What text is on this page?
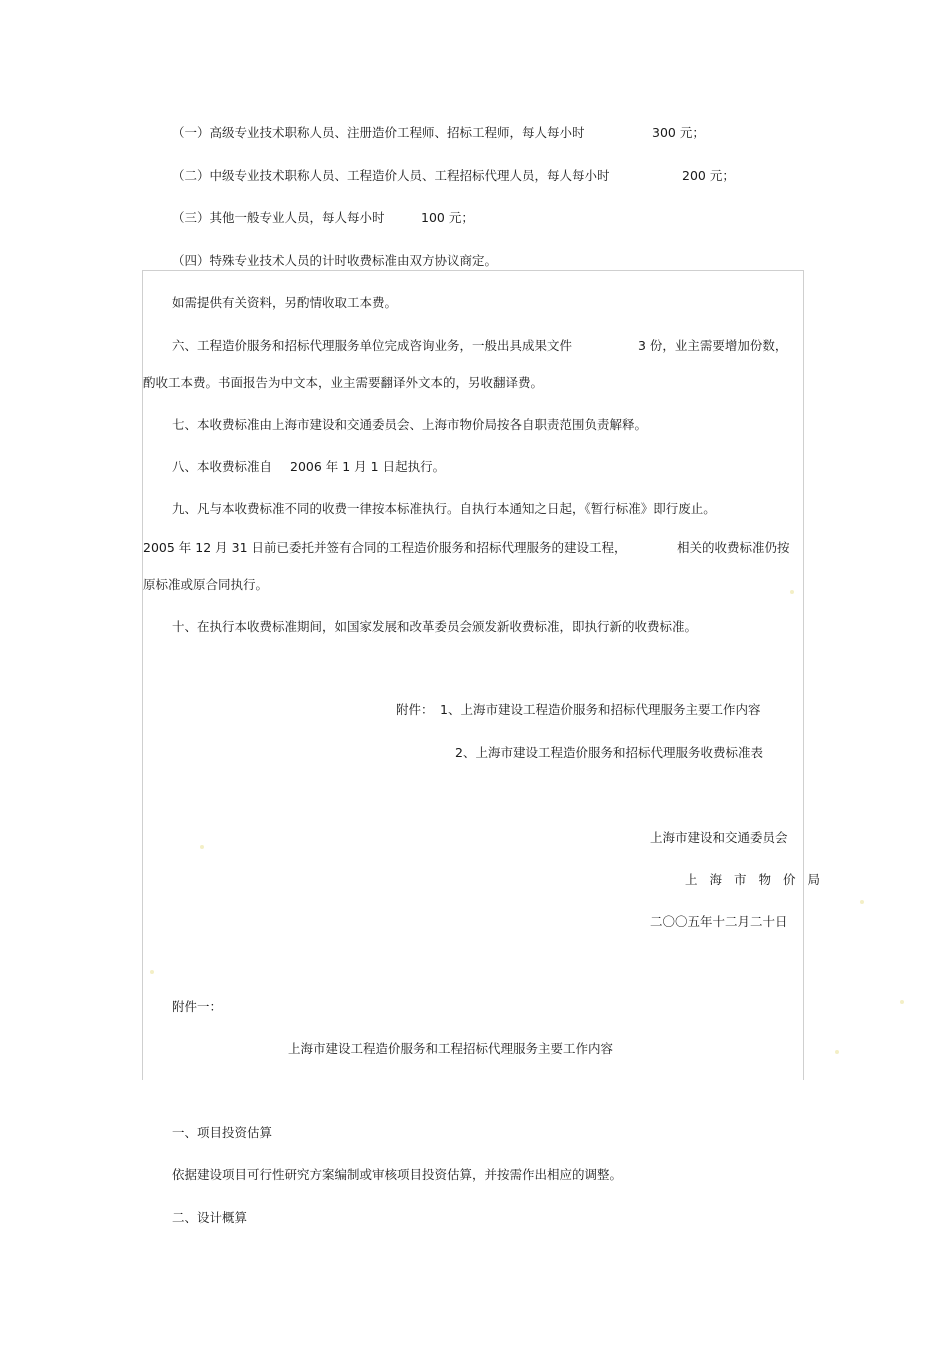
（一）高级专业技术职称人员、注册造价工程师、招标工程师，每人每小时	300 元；
（二）中级专业技术职称人员、工程造价人员、工程招标代理人员，每人每小时	200 元；
（三）其他一般专业人员，每人每小时	100 元；
（四）特殊专业技术人员的计时收费标准由双方协议商定。
如需提供有关资料，另酌情收取工本费。
六、工程造价服务和招标代理服务单位完成咨询业务，一般出具成果文件	3 份，业主需要增加份数，
酌收工本费。书面报告为中文本，业主需要翻译外文本的，另收翻译费。
七、本收费标准由上海市建设和交通委员会、上海市物价局按各自职责范围负责解释。
八、本收费标准自 2006 年 1 月 1 日起执行。
九、凡与本收费标准不同的收费一律按本标准执行。自执行本通知之日起，《暂行标准》即行废止。
2005 年 12 月 31 日前已委托并签有合同的工程造价服务和招标代理服务的建设工程，	相关的收费标准仍按
原标准或原合同执行。
十、在执行本收费标准期间，如国家发展和改革委员会颁发新收费标准，即执行新的收费标准。
附件： 1、上海市建设工程造价服务和招标代理服务主要工作内容
2、上海市建设工程造价服务和招标代理服务收费标准表
上海市建设和交通委员会
上海市物价局
二〇〇五年十二月二十日
附件一：
上海市建设工程造价服务和工程招标代理服务主要工作内容
一、项目投资估算
依据建设项目可行性研究方案编制或审核项目投资估算，并按需作出相应的调整。
二、设计概算
